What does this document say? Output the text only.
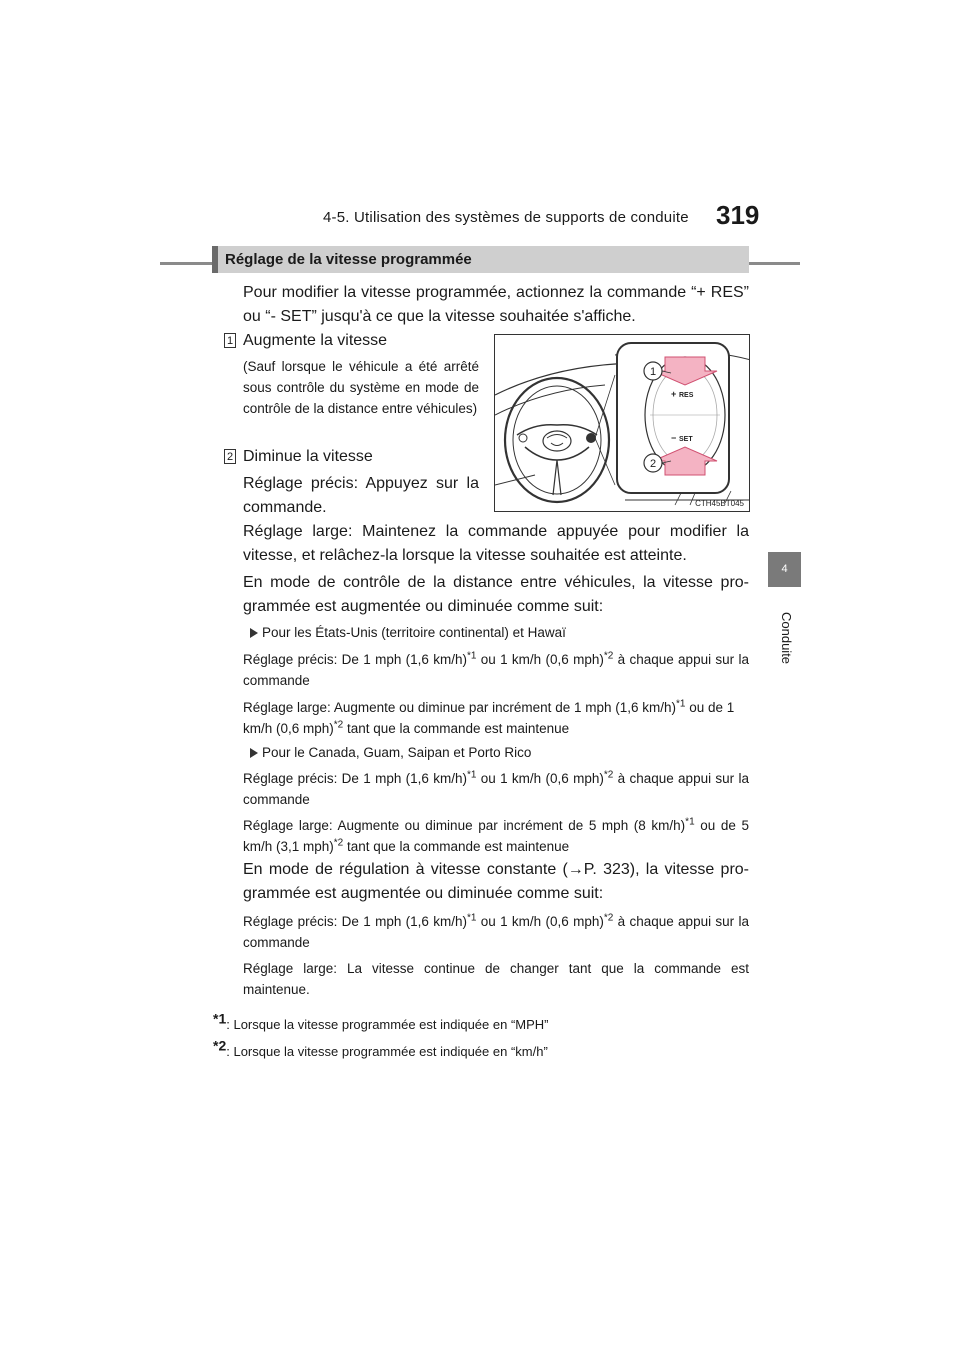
4-5. Utilisation des systèmes de supports de conduite 319
4
Conduite
Réglage de la vitesse programmée
Pour modifier la vitesse programmée, actionnez la commande “+ RES” ou “- SET” jusqu'à ce que la vitesse souhaitée s'affiche.
1 Augmente la vitesse
(Sauf lorsque le véhicule a été arrêté sous contrôle du système en mode de contrôle de la distance entre véhicules)
2 Diminue la vitesse
1
2
+ RES
− SET
CTH45BT045
Réglage précis: Appuyez sur la commande.
Réglage large: Maintenez la commande appuyée pour modifier la vitesse, et relâchez-la lorsque la vitesse souhaitée est atteinte.
En mode de contrôle de la distance entre véhicules, la vitesse pro-grammée est augmentée ou diminuée comme suit:
Pour les États-Unis (territoire continental) et Hawaï
Réglage précis: De 1 mph (1,6 km/h)$^{*1}$ ou 1 km/h (0,6 mph)$^{*2}$ à chaque appui sur la commande
Réglage large: Augmente ou diminue par incrément de 1 mph (1,6 km/h)$^{*1}$ ou de 1 km/h (0,6 mph)$^{*2}$ tant que la commande est maintenue
Pour le Canada, Guam, Saipan et Porto Rico
Réglage précis: De 1 mph (1,6 km/h)$^{*1}$ ou 1 km/h (0,6 mph)$^{*2}$ à chaque appui sur la commande
Réglage large: Augmente ou diminue par incrément de 5 mph (8 km/h)$^{*1}$ ou de 5 km/h (3,1 mph)$^{*2}$ tant que la commande est maintenue
En mode de régulation à vitesse constante (→P. 323), la vitesse pro-grammée est augmentée ou diminuée comme suit:
Réglage précis: De 1 mph (1,6 km/h)$^{*1}$ ou 1 km/h (0,6 mph)$^{*2}$ à chaque appui sur la commande
Réglage large: La vitesse continue de changer tant que la commande est maintenue.
$^{*1}$: Lorsque la vitesse programmée est indiquée en “MPH”
$^{*2}$: Lorsque la vitesse programmée est indiquée en “km/h”
